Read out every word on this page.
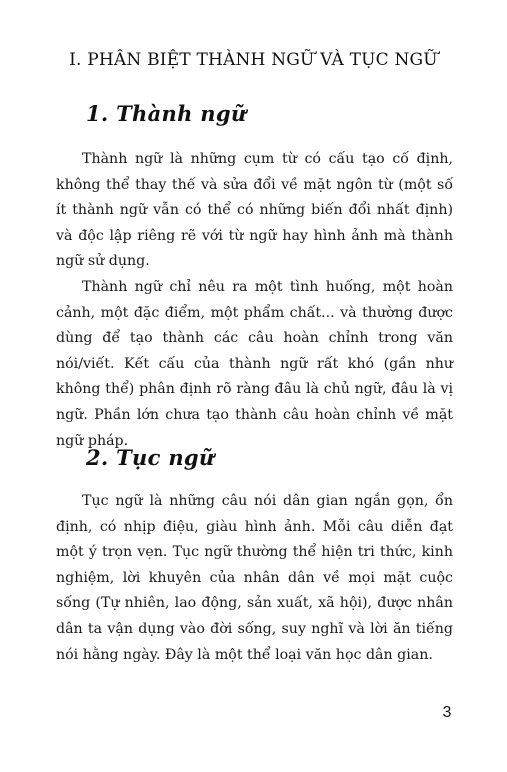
I. PHÂN BIỆT THÀNH NGỮ VÀ TỤC NGỮ
1. Thành ngữ

Thành ngữ là những cụm từ có cấu tạo cố định, không thể thay thế và sửa đổi về mặt ngôn từ (một số ít thành ngữ vẫn có thể có những biến đổi nhất định) và độc lập riêng rẽ với từ ngữ hay hình ảnh mà thành ngữ sử dụng.

Thành ngữ chỉ nêu ra một tình huống, một hoàn cảnh, một đặc điểm, một phẩm chất... và thường được dùng để tạo thành các câu hoàn chỉnh trong văn nói/viết. Kết cấu của thành ngữ rất khó (gần như không thể) phân định rõ ràng đâu là chủ ngữ, đâu là vị ngữ. Phần lớn chưa tạo thành câu hoàn chỉnh về mặt ngữ pháp.

2. Tục ngữ

Tục ngữ là những câu nói dân gian ngắn gọn, ổn định, có nhịp điệu, giàu hình ảnh. Mỗi câu diễn đạt một ý trọn vẹn. Tục ngữ thường thể hiện tri thức, kinh nghiệm, lời khuyên của nhân dân về mọi mặt cuộc sống (Tự nhiên, lao động, sản xuất, xã hội), được nhân dân ta vận dụng vào đời sống, suy nghĩ và lời ăn tiếng nói hằng ngày. Đây là một thể loại văn học dân gian.

3
